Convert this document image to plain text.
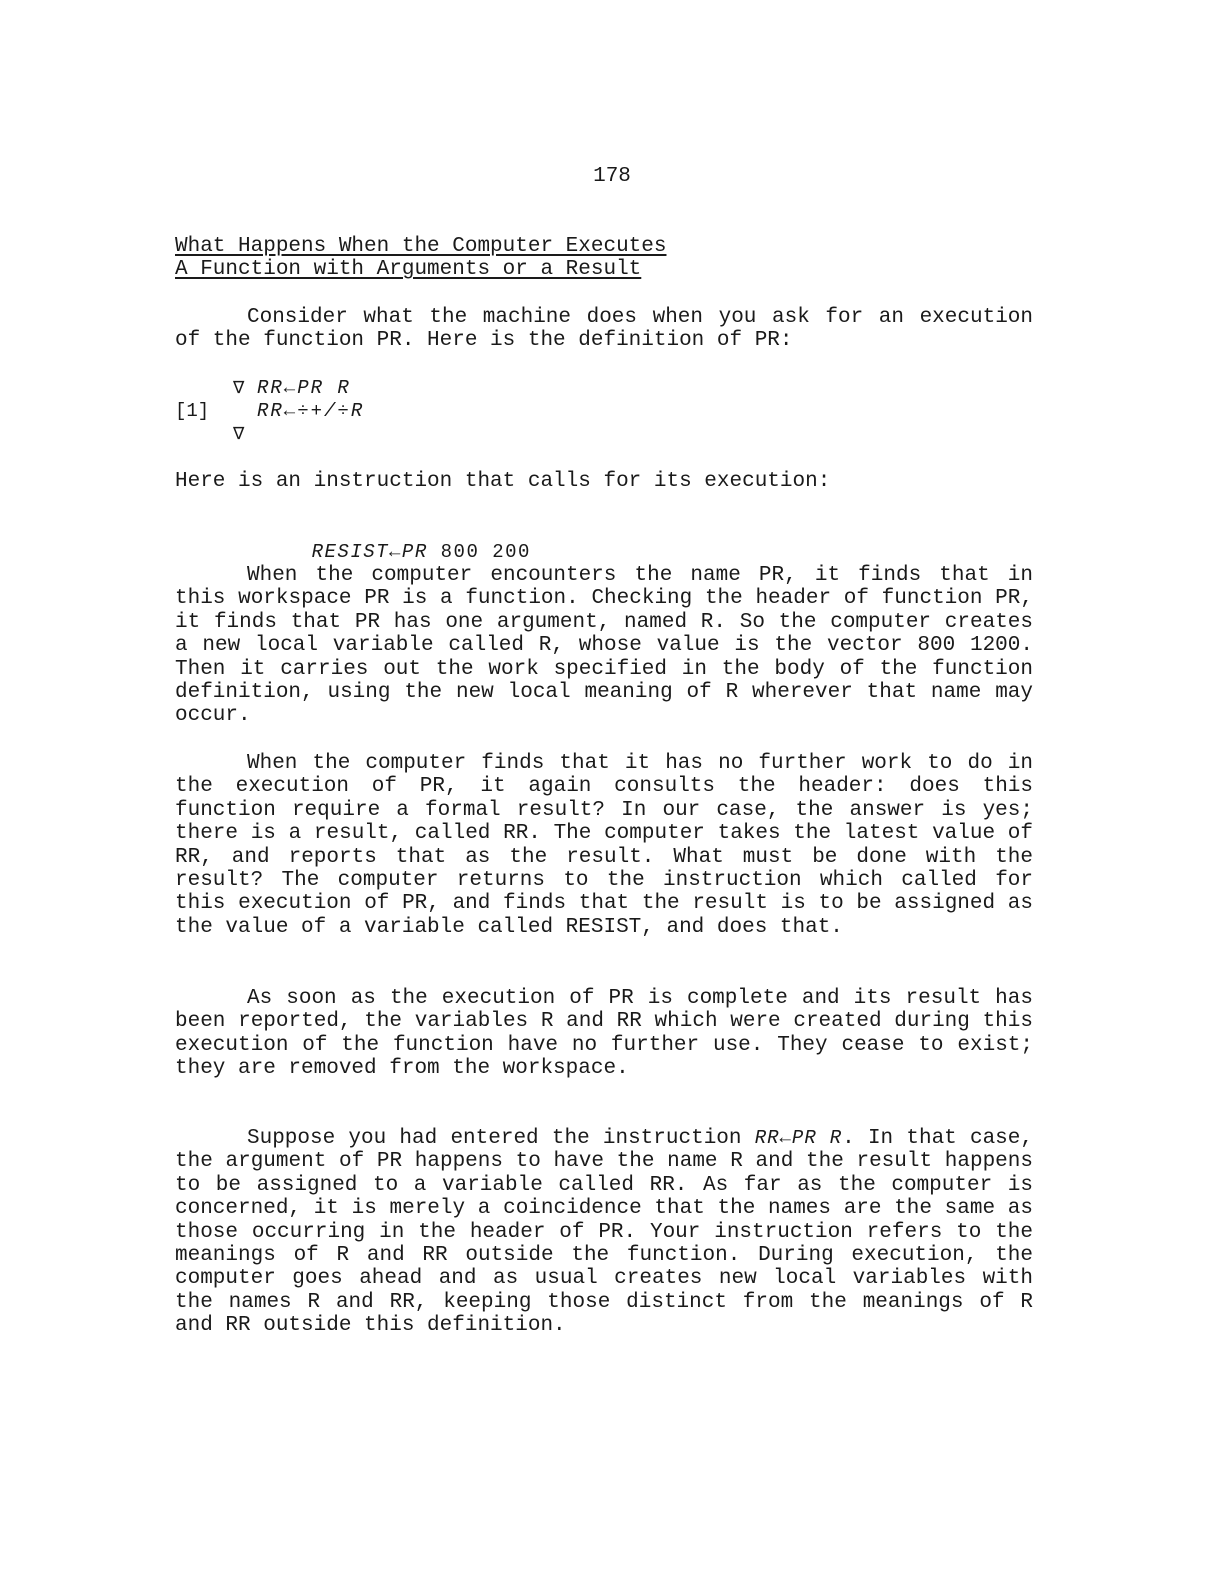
178
What Happens When the Computer Executes
A Function with Arguments or a Result

Consider what the machine does when you ask for an execution of the function PR. Here is the definition of PR:

∇ RR←PR R
[1]	RR←÷+/÷R
∇

Here is an instruction that calls for its execution:

RESIST←PR 800 200

When the computer encounters the name PR, it finds that in this workspace PR is a function. Checking the header of function PR, it finds that PR has one argument, named R. So the computer creates a new local variable called R, whose value is the vector 800 1200. Then it carries out the work specified in the body of the function definition, using the new local meaning of R wherever that name may occur.

When the computer finds that it has no further work to do in the execution of PR, it again consults the header: does this function require a formal result? In our case, the answer is yes; there is a result, called RR. The computer takes the latest value of RR, and reports that as the result. What must be done with the result? The computer returns to the instruction which called for this execution of PR, and finds that the result is to be assigned as the value of a variable called RESIST, and does that.

As soon as the execution of PR is complete and its result has been reported, the variables R and RR which were created during this execution of the function have no further use. They cease to exist; they are removed from the workspace.

Suppose you had entered the instruction RR←PR R. In that case, the argument of PR happens to have the name R and the result happens to be assigned to a variable called RR. As far as the computer is concerned, it is merely a coincidence that the names are the same as those occurring in the header of PR. Your instruction refers to the meanings of R and RR outside the function. During execution, the computer goes ahead and as usual creates new local variables with the names R and RR, keeping those distinct from the meanings of R and RR outside this definition.
